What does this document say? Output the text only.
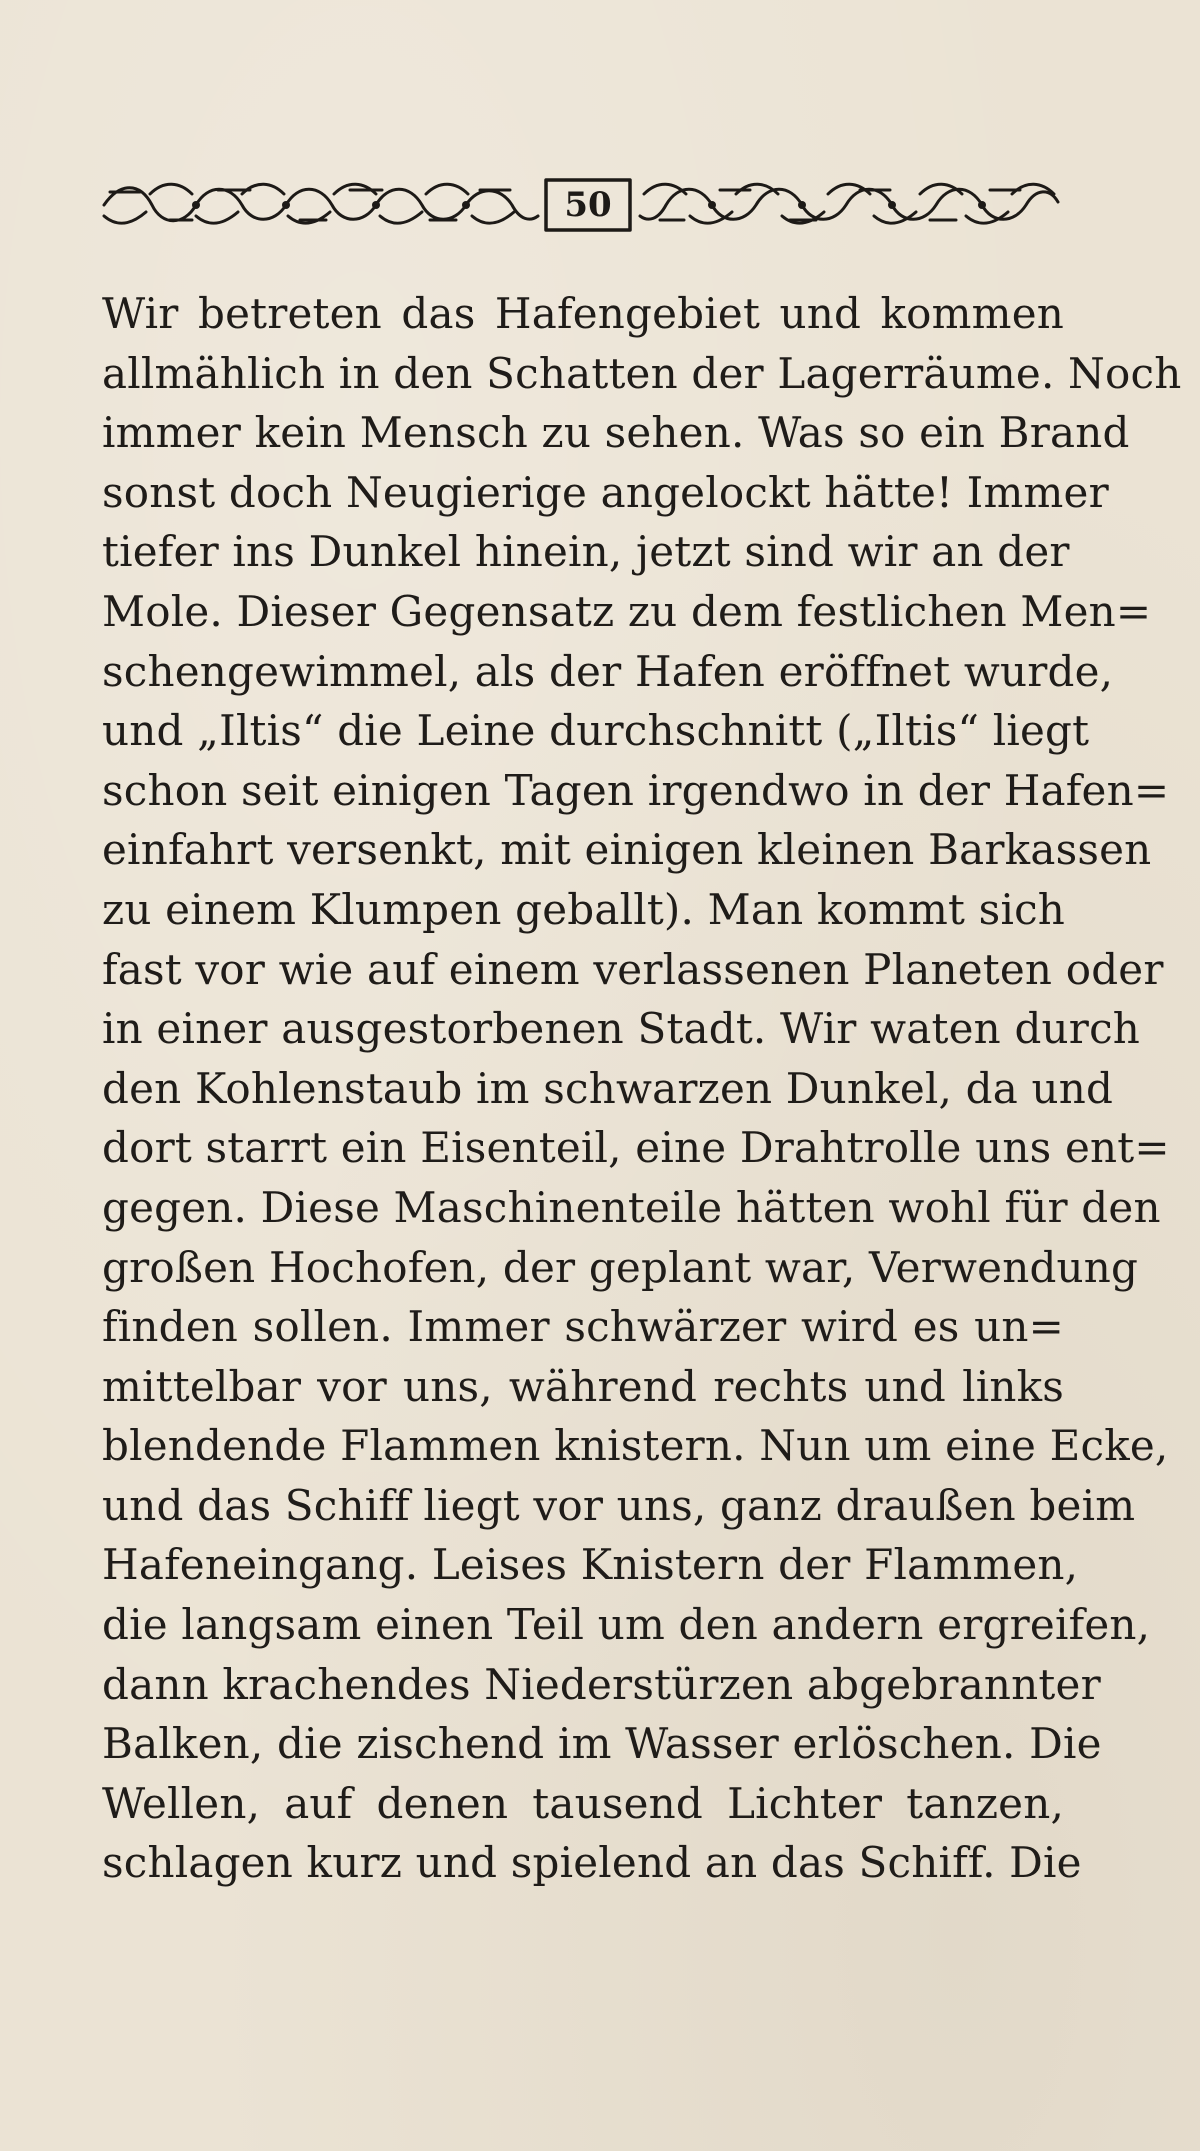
50
Wir betreten das Hafengebiet und kommen
allmählich in den Schatten der Lagerräume. Noch
immer kein Mensch zu sehen. Was so ein Brand
sonst doch Neugierige angelockt hätte! Immer
tiefer ins Dunkel hinein, jetzt sind wir an der
Mole. Dieser Gegensatz zu dem festlichen Men=
schengewimmel, als der Hafen eröffnet wurde,
und „Iltis“ die Leine durchschnitt („Iltis“ liegt
schon seit einigen Tagen irgendwo in der Hafen=
einfahrt versenkt, mit einigen kleinen Barkassen
zu einem Klumpen geballt). Man kommt sich
fast vor wie auf einem verlassenen Planeten oder
in einer ausgestorbenen Stadt. Wir waten durch
den Kohlenstaub im schwarzen Dunkel, da und
dort starrt ein Eisenteil, eine Drahtrolle uns ent=
gegen. Diese Maschinenteile hätten wohl für den
großen Hochofen, der geplant war, Verwendung
finden sollen. Immer schwärzer wird es un=
mittelbar vor uns, während rechts und links
blendende Flammen knistern. Nun um eine Ecke,
und das Schiff liegt vor uns, ganz draußen beim
Hafeneingang. Leises Knistern der Flammen,
die langsam einen Teil um den andern ergreifen,
dann krachendes Niederstürzen abgebrannter
Balken, die zischend im Wasser erlöschen. Die
Wellen, auf denen tausend Lichter tanzen,
schlagen kurz und spielend an das Schiff. Die
